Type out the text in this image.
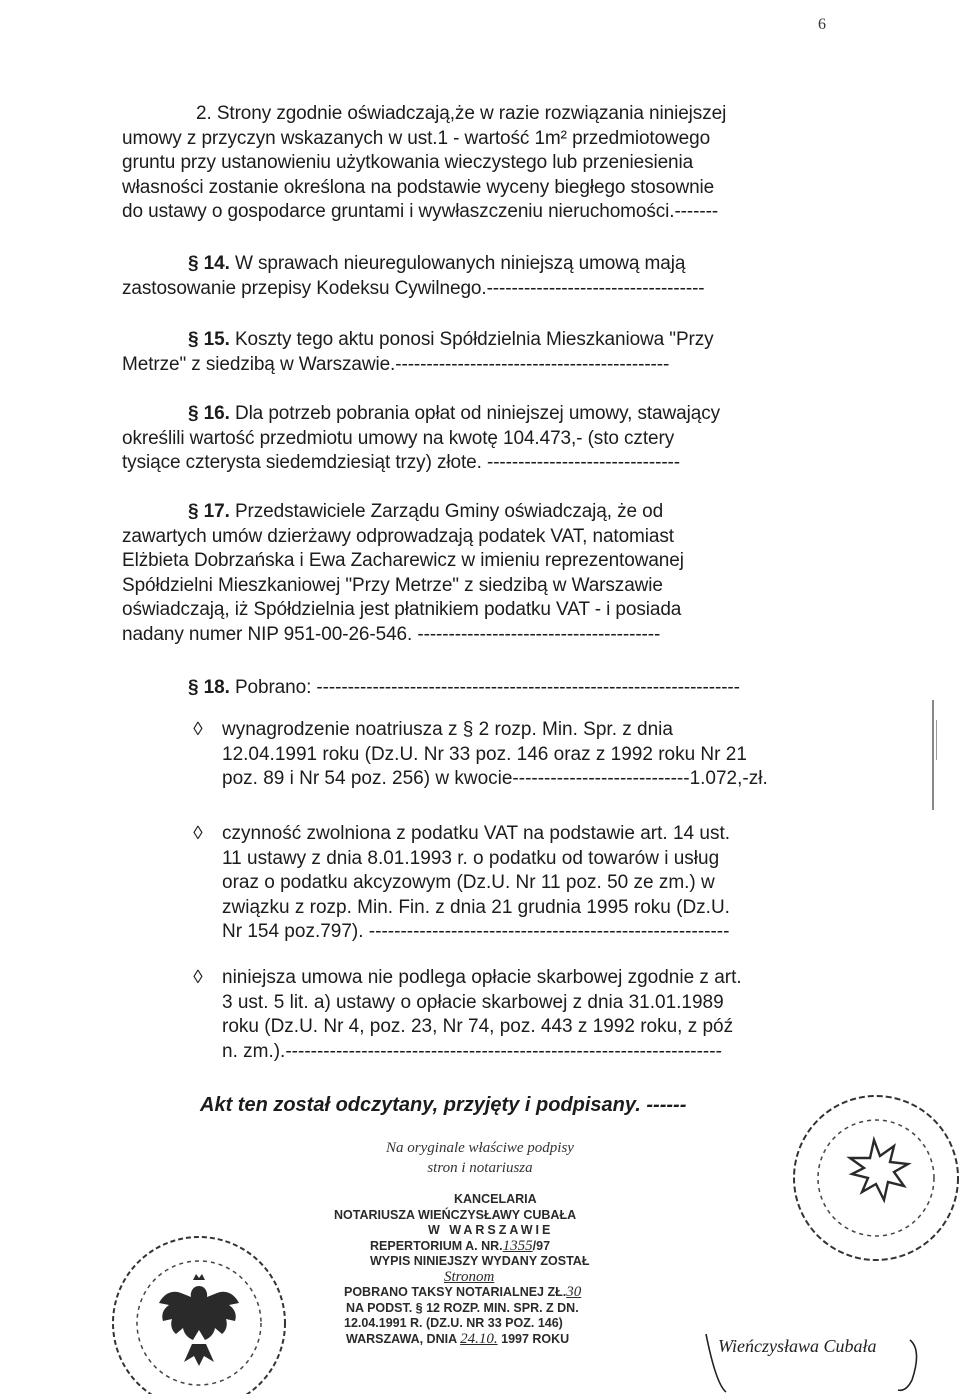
6
2. Strony zgodnie oświadczają,że w razie rozwiązania niniejszej
umowy z przyczyn wskazanych w ust.1 - wartość 1m² przedmiotowego
gruntu przy ustanowieniu użytkowania wieczystego lub przeniesienia
własności zostanie określona na podstawie wyceny biegłego stosownie
do ustawy o gospodarce gruntami i wywłaszczeniu nieruchomości.-------
§ 14. W sprawach nieuregulowanych niniejszą umową mają
zastosowanie przepisy Kodeksu Cywilnego.-----------------------------------
§ 15. Koszty tego aktu ponosi Spółdzielnia Mieszkaniowa "Przy
Metrze" z siedzibą w Warszawie.--------------------------------------------
§ 16. Dla potrzeb pobrania opłat od niniejszej umowy, stawający
określili wartość przedmiotu umowy na kwotę 104.473,- (sto cztery
tysiące czterysta siedemdziesiąt trzy) złote. -------------------------------
§ 17. Przedstawiciele Zarządu Gminy oświadczają, że od
zawartych umów dzierżawy odprowadzają podatek VAT, natomiast
Elżbieta Dobrzańska i Ewa Zacharewicz w imieniu reprezentowanej
Spółdzielni Mieszkaniowej "Przy Metrze" z siedzibą w Warszawie
oświadczają, iż Spółdzielnia jest płatnikiem podatku VAT - i posiada
nadany numer NIP 951-00-26-546. ---------------------------------------
§ 18. Pobrano: --------------------------------------------------------------------
◊ wynagrodzenie noatriusza z § 2 rozp. Min. Spr. z dnia
12.04.1991 roku (Dz.U. Nr 33 poz. 146 oraz z 1992 roku Nr 21
poz. 89 i Nr 54 poz. 256) w kwocie----------------------------1.072,-zł.
◊ czynność zwolniona z podatku VAT na podstawie art. 14 ust.
11 ustawy z dnia 8.01.1993 r. o podatku od towarów i usług
oraz o podatku akcyzowym (Dz.U. Nr 11 poz. 50 ze zm.) w
związku z rozp. Min. Fin. z dnia 21 grudnia 1995 roku (Dz.U.
Nr 154 poz.797). ---------------------------------------------------------
◊ niniejsza umowa nie podlega opłacie skarbowej zgodnie z art.
3 ust. 5 lit. a) ustawy o opłacie skarbowej z dnia 31.01.1989
roku (Dz.U. Nr 4, poz. 23, Nr 74, poz. 443 z 1992 roku, z póź
n. zm.).---------------------------------------------------------------------
Akt ten został odczytany, przyjęty i podpisany. ------
Na oryginale właściwe podpisy
stron i notariusza
KANCELARIA
NOTARIUSZA WIEŃCZYSŁAWY CUBAŁA
W WARSZAWIE
REPERTORIUM A. NR.1355/97
WYPIS NINIEJSZY WYDANY ZOSTAŁ
Stronom
POBRANO TAKSY NOTARIALNEJ ZŁ.30
NA PODST. § 12 ROZP. MIN. SPR. Z DN.
12.04.1991 R. (DZ.U. NR 33 POZ. 146)
WARSZAWA, DNIA 24.10. 1997 ROKU	Wieńczysława Cubała
